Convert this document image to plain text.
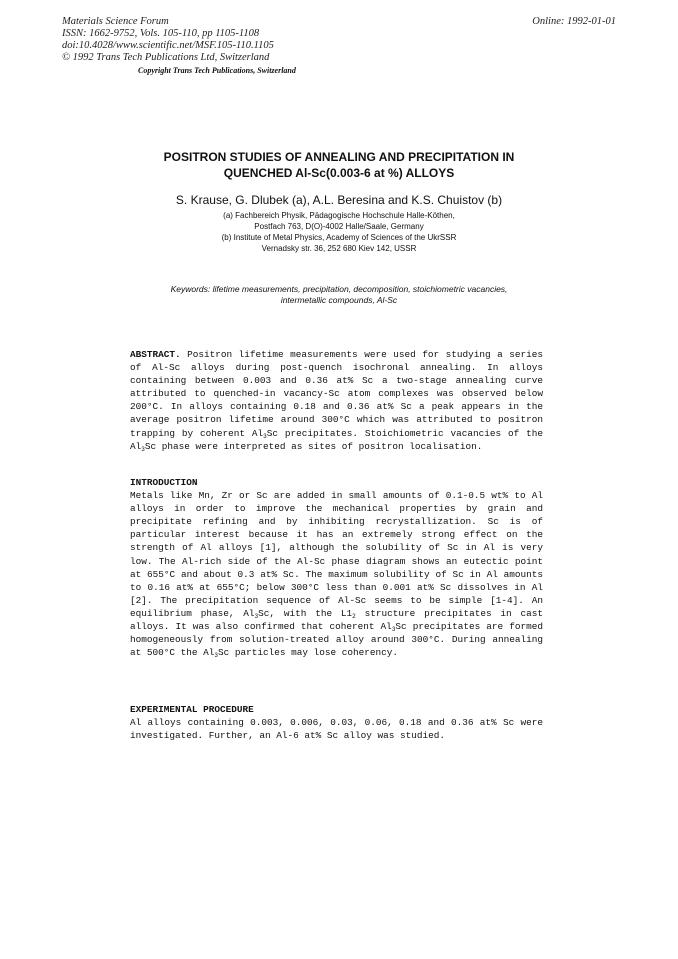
Materials Science Forum
ISSN: 1662-9752, Vols. 105-110, pp 1105-1108
doi:10.4028/www.scientific.net/MSF.105-110.1105
© 1992 Trans Tech Publications Ltd, Switzerland
Online: 1992-01-01
Copyright Trans Tech Publications, Switzerland
POSITRON STUDIES OF ANNEALING AND PRECIPITATION IN
QUENCHED Al-Sc(0.003-6 at %) ALLOYS
S. Krause, G. Dlubek (a), A.L. Beresina and K.S. Chuistov (b)
(a) Fachbereich Physik, Pädagogische Hochschule Halle-Köthen,
Postfach 763, D(O)-4002 Halle/Saale, Germany
(b) Institute of Metal Physics, Academy of Sciences of the UkrSSR
Vernadsky str. 36, 252 680 Kiev 142, USSR
Keywords: lifetime measurements, precipitation, decomposition, stoichiometric vacancies,
intermetallic compounds, Al-Sc

ABSTRACT. Positron lifetime measurements were used for studying a series of Al-Sc alloys during post-quench isochronal annealing. In alloys containing between 0.003 and 0.36 at% Sc a two-stage annealing curve attributed to quenched-in vacancy-Sc atom complexes was observed below 200°C. In alloys containing 0.18 and 0.36 at% Sc a peak appears in the average positron lifetime around 300°C which was attributed to positron trapping by coherent $Al_3Sc$ precipitates. Stoichiometric vacancies of the $Al_3Sc$ phase were interpreted as sites of positron localisation.

INTRODUCTION

Metals like Mn, Zr or Sc are added in small amounts of 0.1-0.5 wt% to Al alloys in order to improve the mechanical properties by grain and precipitate refining and by inhibiting recrystallization. Sc is of particular interest because it has an extremely strong effect on the strength of Al alloys [1], although the solubility of Sc in Al is very low. The Al-rich side of the Al-Sc phase diagram shows an eutectic point at 655°C and about 0.3 at% Sc. The maximum solubility of Sc in Al amounts to 0.16 at% at 655°C; below 300°C less than 0.001 at% Sc dissolves in Al [2]. The precipitation sequence of Al-Sc seems to be simple [1-4]. An equilibrium phase, $Al_3Sc$, with the $L1_2$ structure precipitates in cast alloys. It was also confirmed that coherent $Al_3Sc$ precipitates are formed homogeneously from solution-treated alloy around 300°C. During annealing at 500°C the $Al_3Sc$ particles may lose coherency.

EXPERIMENTAL PROCEDURE

Al alloys containing 0.003, 0.006, 0.03, 0.06, 0.18 and 0.36 at% Sc were investigated. Further, an Al-6 at% Sc alloy was studied.
